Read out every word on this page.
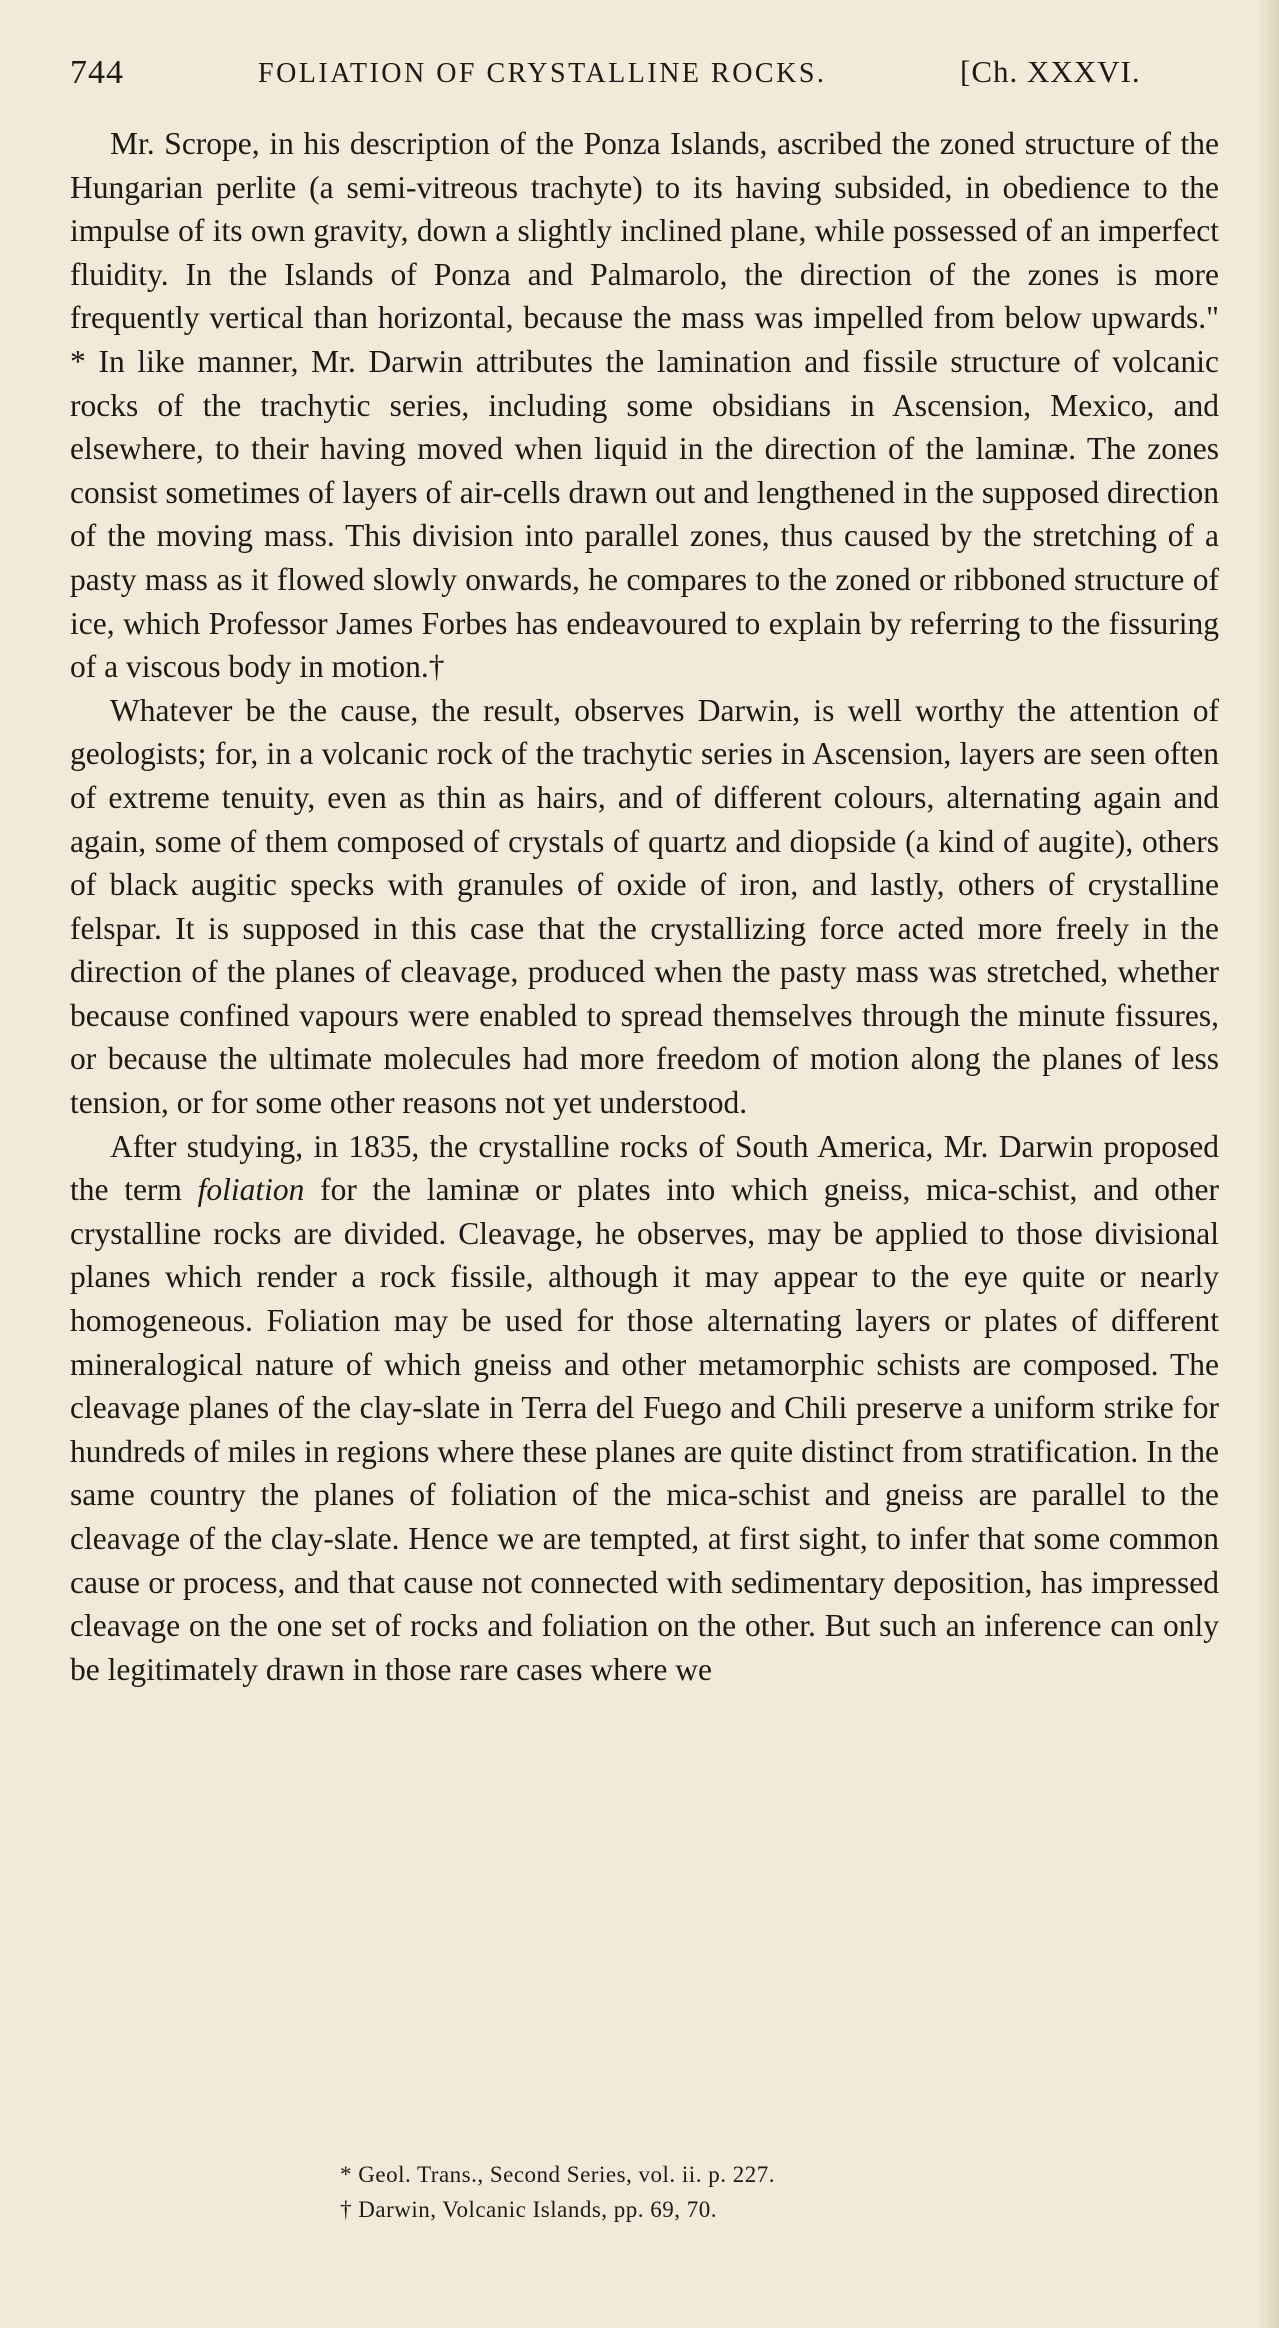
744	FOLIATION OF CRYSTALLINE ROCKS.	[Ch. XXXVI.

Mr. Scrope, in his description of the Ponza Islands, ascribed the zoned structure of the Hungarian perlite (a semi-vitreous trachyte) to its having subsided, in obedience to the impulse of its own gravity, down a slightly inclined plane, while possessed of an imperfect fluidity. In the Islands of Ponza and Palmarolo, the direction of the zones is more frequently vertical than horizontal, because the mass was impelled from below upwards." * In like manner, Mr. Darwin attributes the lamination and fissile structure of volcanic rocks of the trachytic series, including some obsidians in Ascension, Mexico, and elsewhere, to their having moved when liquid in the direction of the laminæ. The zones consist sometimes of layers of air-cells drawn out and lengthened in the supposed direction of the moving mass. This division into parallel zones, thus caused by the stretching of a pasty mass as it flowed slowly onwards, he compares to the zoned or ribboned structure of ice, which Professor James Forbes has endeavoured to explain by referring to the fissuring of a viscous body in motion.†

Whatever be the cause, the result, observes Darwin, is well worthy the attention of geologists; for, in a volcanic rock of the trachytic series in Ascension, layers are seen often of extreme tenuity, even as thin as hairs, and of different colours, alternating again and again, some of them composed of crystals of quartz and diopside (a kind of augite), others of black augitic specks with granules of oxide of iron, and lastly, others of crystalline felspar. It is supposed in this case that the crystallizing force acted more freely in the direction of the planes of cleavage, produced when the pasty mass was stretched, whether because confined vapours were enabled to spread themselves through the minute fissures, or because the ultimate molecules had more freedom of motion along the planes of less tension, or for some other reasons not yet understood.

After studying, in 1835, the crystalline rocks of South America, Mr. Darwin proposed the term foliation for the laminæ or plates into which gneiss, mica-schist, and other crystalline rocks are divided. Cleavage, he observes, may be applied to those divisional planes which render a rock fissile, although it may appear to the eye quite or nearly homogeneous. Foliation may be used for those alternating layers or plates of different mineralogical nature of which gneiss and other metamorphic schists are composed. The cleavage planes of the clay-slate in Terra del Fuego and Chili preserve a uniform strike for hundreds of miles in regions where these planes are quite distinct from stratification. In the same country the planes of foliation of the mica-schist and gneiss are parallel to the cleavage of the clay-slate. Hence we are tempted, at first sight, to infer that some common cause or process, and that cause not connected with sedimentary deposition, has impressed cleavage on the one set of rocks and foliation on the other. But such an inference can only be legitimately drawn in those rare cases where we

* Geol. Trans., Second Series, vol. ii. p. 227.
† Darwin, Volcanic Islands, pp. 69, 70.
